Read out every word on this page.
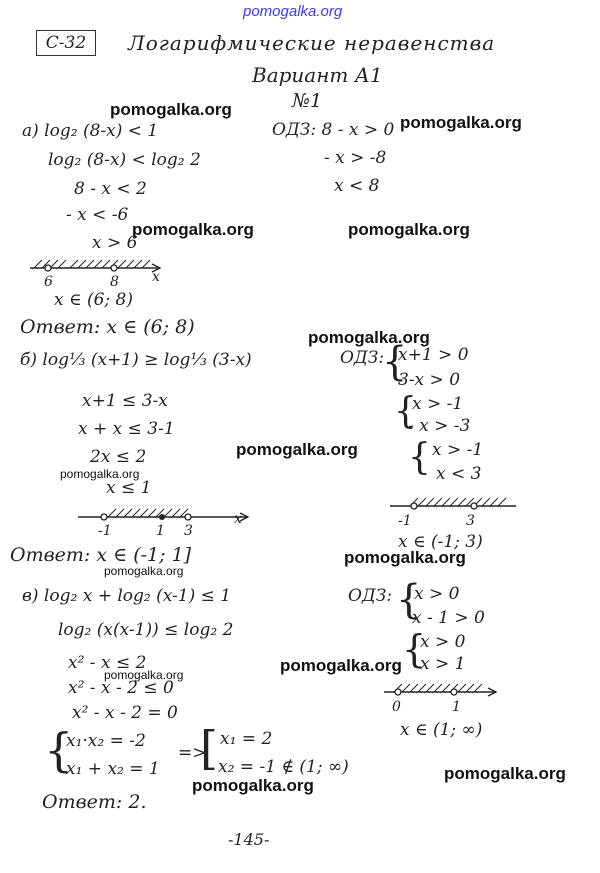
pomogalka.org
С-32	Логарифмические неравенства
Вариант А1
№1
a) log₂ (8-x) < 1
log₂ (8-x) < log₂ 2
8 - x < 2
- x < -6
x > 6
ОДЗ: 8 - x > 0
- x > -8
x < 8
6	8 x
x ∈ (6; 8)
Ответ: x ∈ (6; 8)
б) log⅓ (x+1) ≥ log⅓ (3-x)
x+1 ≤ 3-x
x + x ≤ 3-1
2x ≤ 2
x ≤ 1
ОДЗ:
{
x+1 > 0
3-x > 0
{
x > -1
- x > -3
{ x > -1
x < 3
-1	1 3
x	-1	3
x ∈ (-1; 3)
Ответ: x ∈ (-1; 1]
в) log₂ x + log₂ (x-1) ≤ 1
log₂ (x(x-1)) ≤ log₂ 2
x² - x ≤ 2
x² - x - 2 ≤ 0
x² - x - 2 = 0
{
x₁·x₂ = -2
x₁ + x₂ = 1
=>
[ x₁ = 2
x₂ = -1 ∉ (1; ∞)
Ответ: 2.
ОДЗ: {
x > 0
x - 1 > 0
{
x > 0
x > 1
0	1
x ∈ (1; ∞)
-145-
pomogalka.org
pomogalka.org
pomogalka.org	pomogalka.org
pomogalka.org
pomogalka.org
pomogalka.org
pomogalka.org
pomogalka.org
pomogalka.org
pomogalka.org
pomogalka.org
pomogalka.org
